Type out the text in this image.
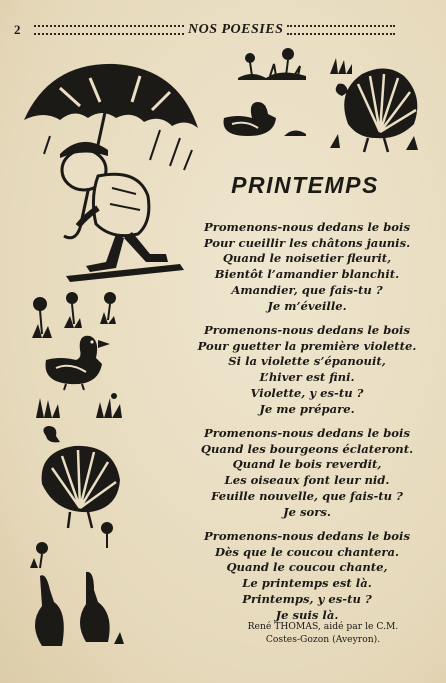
2	NOS POESIES
PRINTEMPS
Promenons-nous dedans le bois
Pour cueillir les châtons jaunis.
Quand le noisetier fleurit,
Bientôt l’amandier blanchit.
Amandier, que fais-tu ?
Je m’éveille.
Promenons-nous dedans le bois
Pour guetter la première violette.
Si la violette s’épanouit,
L’hiver est fini.
Violette, y es-tu ?
Je me prépare.
Promenons-nous dedans le bois
Quand les bourgeons éclateront.
Quand le bois reverdit,
Les oiseaux font leur nid.
Feuille nouvelle, que fais-tu ?
Je sors.
Promenons-nous dedans le bois
Dès que le coucou chantera.
Quand le coucou chante,
Le printemps est là.
Printemps, y es-tu ?
Je suis là.
René THOMAS, aidé par le C.M.
Costes-Gozon (Aveyron).
